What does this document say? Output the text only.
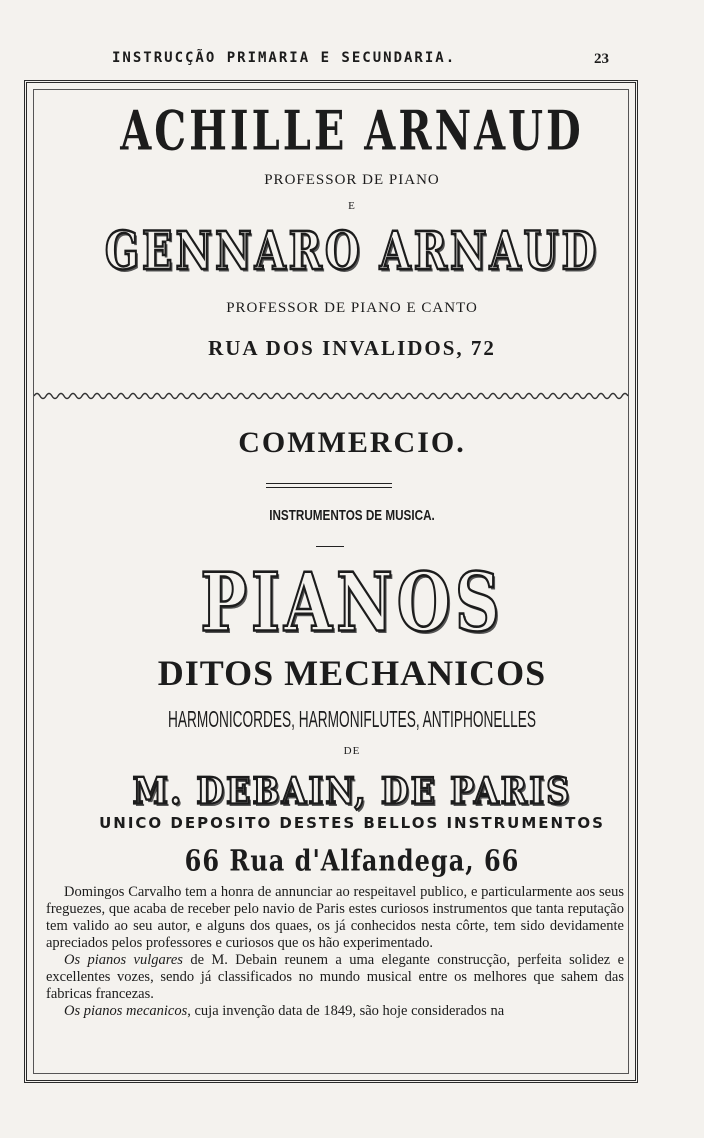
INSTRUCÇÃO PRIMARIA E SECUNDARIA.	23
ACHILLE ARNAUD
PROFESSOR DE PIANO
E
GENNARO ARNAUD
PROFESSOR DE PIANO E CANTO
RUA DOS INVALIDOS, 72
COMMERCIO.
INSTRUMENTOS DE MUSICA.
PIANOS
DITOS MECHANICOS
HARMONICORDES, HARMONIFLUTES, ANTIPHONELLES
DE
M. DEBAIN, DE PARIS
UNICO DEPOSITO DESTES BELLOS INSTRUMENTOS
66 Rua d'Alfandega, 66

Domingos Carvalho tem a honra de annunciar ao respeitavel publico, e particularmente aos seus freguezes, que acaba de receber pelo navio de Paris estes curiosos instrumentos que tanta reputação tem valido ao seu autor, e alguns dos quaes, os já conhecidos nesta côrte, tem sido devidamente apreciados pelos professores e curiosos que os hão experimentado.

Os pianos vulgares de M. Debain reunem a uma elegante construcção, perfeita solidez e excellentes vozes, sendo já classificados no mundo musical entre os melhores que sahem das fabricas francezas.

Os pianos mecanicos, cuja invenção data de 1849, são hoje considerados na
